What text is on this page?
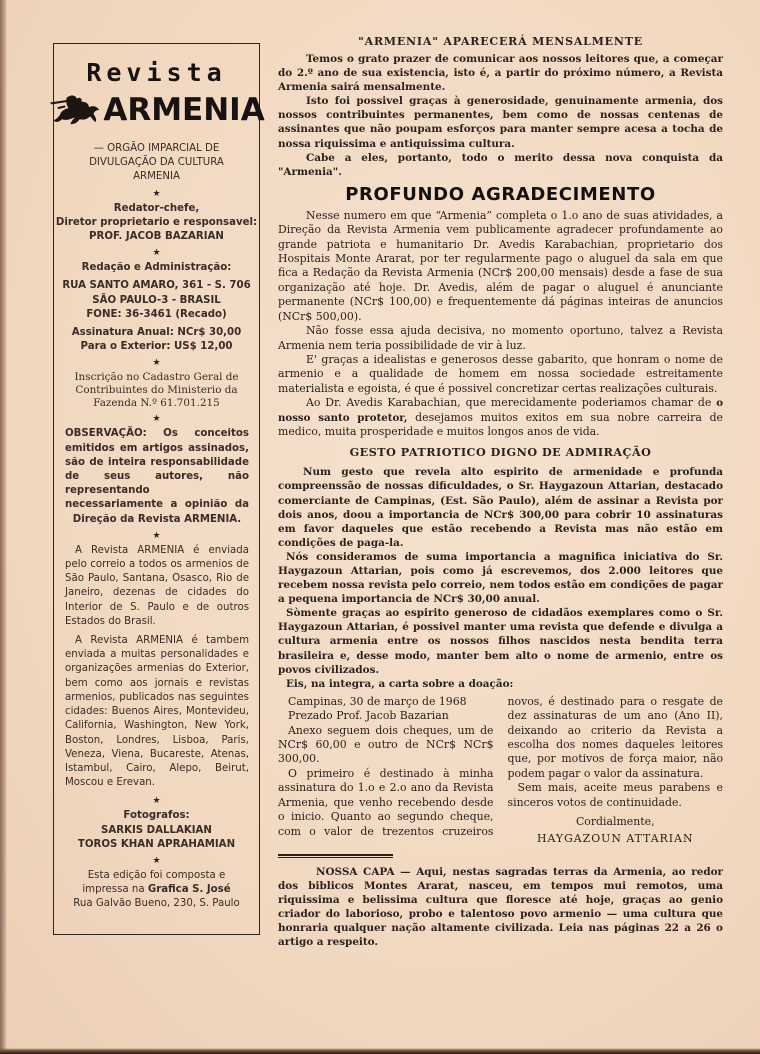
Revista
ARMENIA
— ORGÃO IMPARCIAL DE
DIVULGAÇÃO DA CULTURA
ARMENIA
★
Redator-chefe,
Diretor proprietario e responsavel:
PROF. JACOB BAZARIAN
★
Redação e Administração:
RUA SANTO AMARO, 361 - S. 706
SÃO PAULO-3 - BRASIL
FONE: 36-3461 (Recado)
Assinatura Anual: NCr$ 30,00
Para o Exterior: US$ 12,00
★
Inscrição no Cadastro Geral de
Contribuintes do Ministerio da
Fazenda N.º 61.701.215
★
OBSERVAÇÃO: Os conceitos emitidos em artigos assinados, são de inteira responsabilidade de seus autores, não representando necessariamente a opinião da Direção da Revista ARMENIA.
★

A Revista ARMENIA é enviada pelo correio a todos os armenios de São Paulo, Santana, Osasco, Rio de Janeiro, dezenas de cidades do Interior de S. Paulo e de outros Estados do Brasil.

A Revista ARMENIA é tambem enviada a muitas personalidades e organizações armenias do Exterior, bem como aos jornais e revistas armenios, publicados nas seguintes cidades: Buenos Aires, Montevideu, California, Washington, New York, Boston, Londres, Lisboa, Paris, Veneza, Viena, Bucareste, Atenas, Istambul, Cairo, Alepo, Beirut, Moscou e Erevan.

★
Fotografos:
SARKIS DALLAKIAN
TOROS KHAN APRAHAMIAN
★
Esta edição foi composta e impressa na Grafica S. José
Rua Galvão Bueno, 230, S. Paulo
"ARMENIA" APARECERÁ MENSALMENTE

Temos o grato prazer de comunicar aos nossos leitores que, a começar do 2.º ano de sua existencia, isto é, a partir do próximo número, a Revista Armenia sairá mensalmente.

Isto foi possivel graças à generosidade, genuinamente armenia, dos nossos contribuintes permanentes, bem como de nossas centenas de assinantes que não poupam esforços para manter sempre acesa a tocha de nossa riquissima e antiquissima cultura.

Cabe a eles, portanto, todo o merito dessa nova conquista da "Armenia".

PROFUNDO AGRADECIMENTO

Nesse numero em que “Armenia” completa o 1.o ano de suas atividades, a Direção da Revista Armenia vem publicamente agradecer profundamente ao grande patriota e humanitario Dr. Avedis Karabachian, proprietario dos Hospitais Monte Ararat, por ter regularmente pago o aluguel da sala em que fica a Redação da Revista Armenia (NCr$ 200,00 mensais) desde a fase de sua organização até hoje. Dr. Avedis, além de pagar o aluguel é anunciante permanente (NCr$ 100,00) e frequentemente dá páginas inteiras de anuncios (NCr$ 500,00).

Não fosse essa ajuda decisiva, no momento oportuno, talvez a Revista Armenia nem teria possibilidade de vir à luz.

E' graças a idealistas e generosos desse gabarito, que honram o nome de armenio e a qualidade de homem em nossa sociedade estreitamente materialista e egoista, é que é possivel concretizar certas realizações culturais.

Ao Dr. Avedis Karabachian, que merecidamente poderiamos chamar de o nosso santo protetor, desejamos muitos exitos em sua nobre carreira de medico, muita prosperidade e muitos longos anos de vida.

GESTO PATRIOTICO DIGNO DE ADMIRAÇÃO

Num gesto que revela alto espirito de armenidade e profunda compreenssão de nossas dificuldades, o Sr. Haygazoun Attarian, destacado comerciante de Campinas, (Est. São Paulo), além de assinar a Revista por dois anos, doou a importancia de NCr$ 300,00 para cobrir 10 assinaturas em favor daqueles que estão recebendo a Revista mas não estão em condições de paga-la.

Nós consideramos de suma importancia a magnifica iniciativa do Sr. Haygazoun Attarian, pois como já escrevemos, dos 2.000 leitores que recebem nossa revista pelo correio, nem todos estão em condições de pagar a pequena importancia de NCr$ 30,00 anual.

Sòmente graças ao espirito generoso de cidadãos exemplares como o Sr. Haygazoun Attarian, é possivel manter uma revista que defende e divulga a cultura armenia entre os nossos filhos nascidos nesta bendita terra brasileira e, desse modo, manter bem alto o nome de armenio, entre os povos civilizados.

Eis, na integra, a carta sobre a doação:

Campinas, 30 de março de 1968

Prezado Prof. Jacob Bazarian

Anexo seguem dois cheques, um de NCr$ 60,00 e outro de NCr$ NCr$ 300,00.

O primeiro é destinado à minha assinatura do 1.o e 2.o ano da Revista Armenia, que venho recebendo desde o inicio. Quanto ao segundo cheque, com o valor de trezentos cruzeiros novos, é destinado para o resgate de dez assinaturas de um ano (Ano II), deixando ao criterio da Revista a escolha dos nomes daqueles leitores que, por motivos de força maior, não podem pagar o valor da assinatura.

Sem mais, aceite meus parabens e sinceros votos de continuidade.

Cordialmente,

HAYGAZOUN ATTARIAN

NOSSA CAPA — Aqui, nestas sagradas terras da Armenia, ao redor dos biblicos Montes Ararat, nasceu, em tempos mui remotos, uma riquissima e belissima cultura que floresce até hoje, graças ao genio criador do laborioso, probo e talentoso povo armenio — uma cultura que honraria qualquer nação altamente civilizada. Leia nas páginas 22 a 26 o artigo a respeito.
